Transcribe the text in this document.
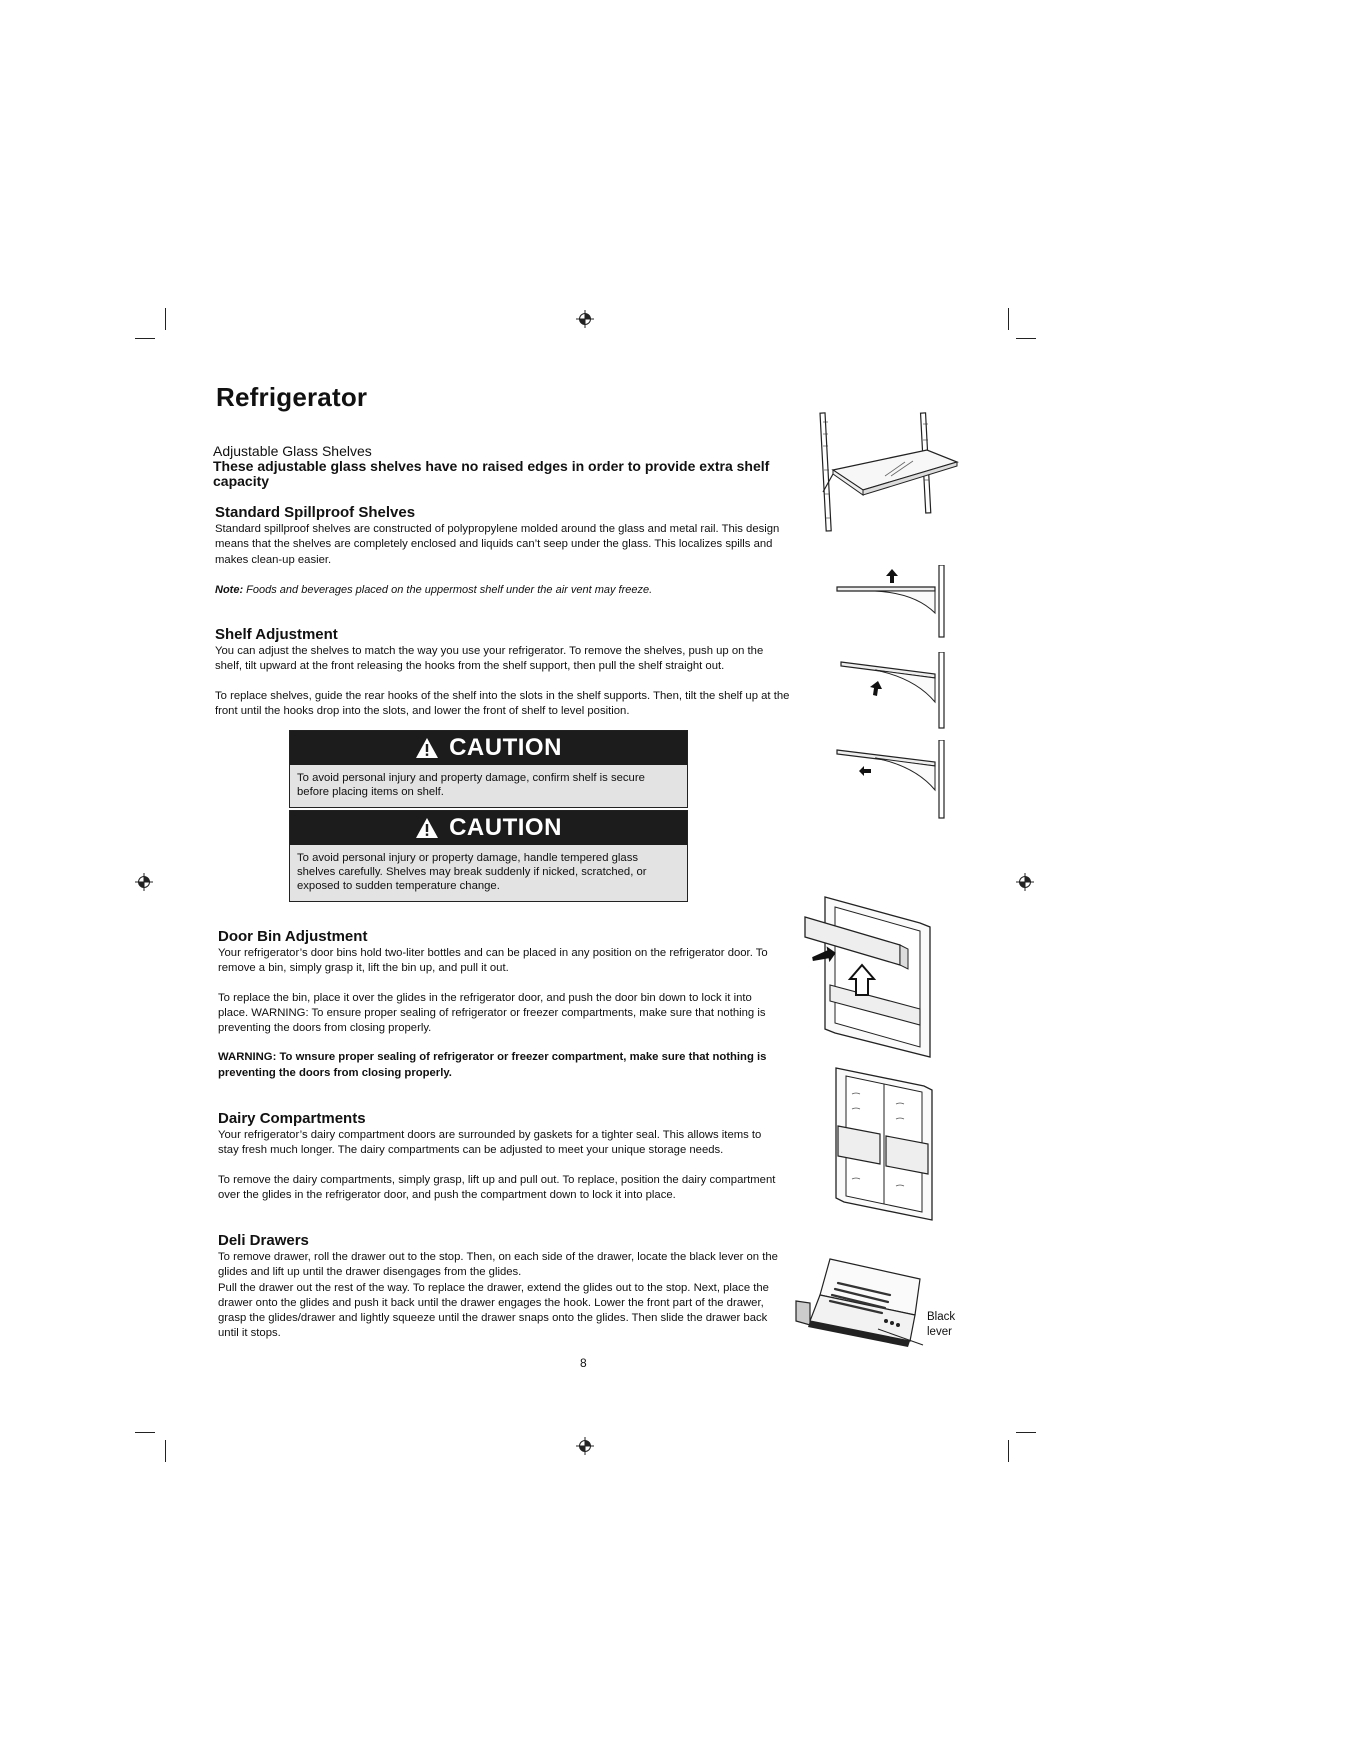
Refrigerator
Adjustable Glass Shelves
These adjustable glass shelves have no raised edges in order to provide extra shelf capacity
Standard Spillproof Shelves

Standard spillproof shelves are constructed of polypropylene molded around the glass and metal rail. This design means that the shelves are completely enclosed and liquids can’t seep under the glass. This localizes spills and makes clean-up easier.

Note: Foods and beverages placed on the uppermost shelf under the air vent may freeze.

Shelf Adjustment

You can adjust the shelves to match the way you use your refrigerator. To remove the shelves, push up on the shelf, tilt upward at the front releasing the hooks from the shelf support, then pull the shelf straight out.

To replace shelves, guide the rear hooks of the shelf into the slots in the shelf supports. Then, tilt the shelf up at the front until the hooks drop into the slots, and lower the front of shelf to level position.

CAUTION
To avoid personal injury and property damage, confirm shelf is secure before placing items on shelf.
CAUTION
To avoid personal injury or property damage, handle tempered glass shelves carefully. Shelves may break suddenly if nicked, scratched, or exposed to sudden temperature change.
Door Bin Adjustment

Your refrigerator’s door bins hold two-liter bottles and can be placed in any position on the refrigerator door. To remove a bin, simply grasp it, lift the bin up, and pull it out.

To replace the bin, place it over the glides in the refrigerator door, and push the door bin down to lock it into place. WARNING: To ensure proper sealing of refrigerator or freezer compartments, make sure that nothing is preventing the doors from closing properly.

WARNING: To wnsure proper sealing of refrigerator or freezer compartment, make sure that nothing is preventing the doors from closing properly.

Dairy Compartments

Your refrigerator’s dairy compartment doors are surrounded by gaskets for a tighter seal. This allows items to stay fresh much longer. The dairy compartments can be adjusted to meet your unique storage needs.

To remove the dairy compartments, simply grasp, lift up and pull out. To replace, position the dairy compartment over the glides in the refrigerator door, and push the compartment down to lock it into place.

Deli Drawers

To remove drawer, roll the drawer out to the stop. Then, on each side of the drawer, locate the black lever on the glides and lift up until the drawer disengages from the glides.

Pull the drawer out the rest of the way. To replace the drawer, extend the glides out to the stop. Next, place the drawer onto the glides and push it back until the drawer engages the hook. Lower the front part of the drawer, grasp the glides/drawer and lightly squeeze until the drawer snaps onto the glides. Then slide the drawer back until it stops.

8
Black
lever
